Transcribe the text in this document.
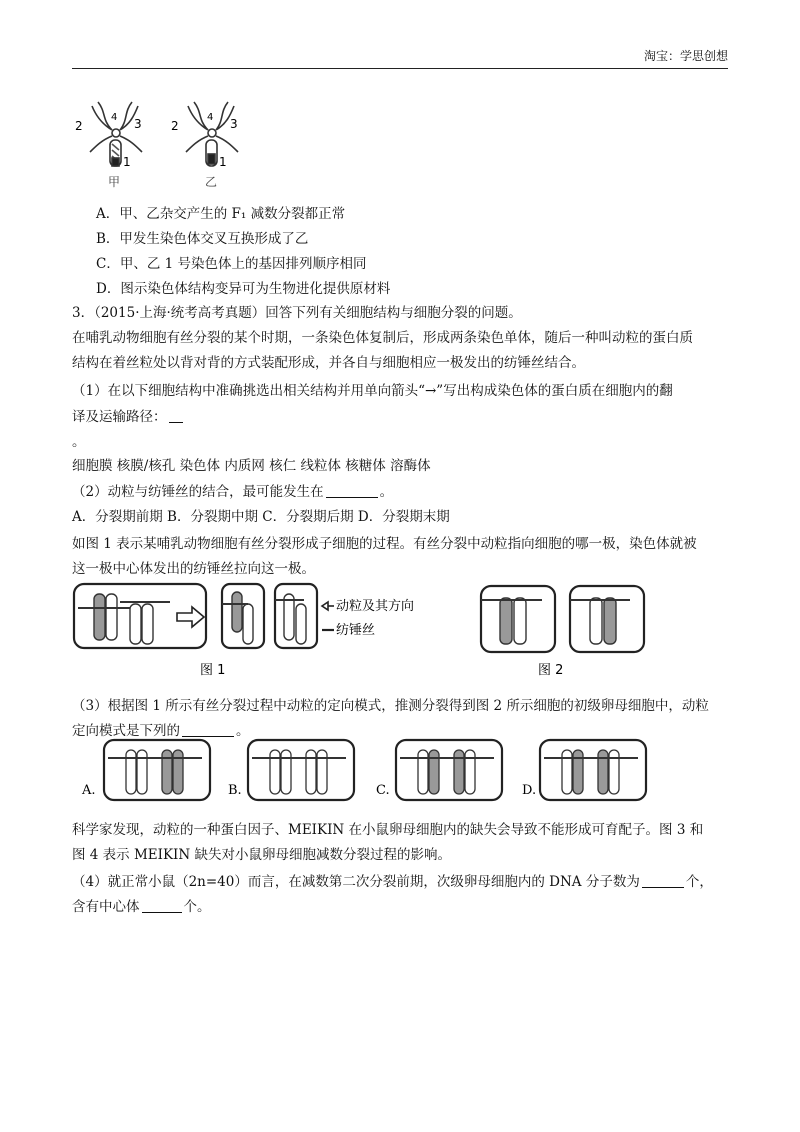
淘宝：学思创想
2
4 3
1
2
4 3
1
甲	乙
A．甲、乙杂交产生的 F₁ 减数分裂都正常
B．甲发生染色体交叉互换形成了乙
C．甲、乙 1 号染色体上的基因排列顺序相同
D．图示染色体结构变异可为生物进化提供原材料
3．（2015·上海·统考高考真题）回答下列有关细胞结构与细胞分裂的问题。
在哺乳动物细胞有丝分裂的某个时期，一条染色体复制后，形成两条染色单体，随后一种叫动粒的蛋白质
结构在着丝粒处以背对背的方式装配形成，并各自与细胞相应一极发出的纺锤丝结合。
（1）在以下细胞结构中准确挑选出相关结构并用单向箭头“→”写出构成染色体的蛋白质在细胞内的翻
译及运输路径：
。
细胞膜 核膜/核孔 染色体 内质网 核仁 线粒体 核糖体 溶酶体
（2）动粒与纺锤丝的结合，最可能发生在	。
A．分裂期前期 B．分裂期中期 C．分裂期后期 D．分裂期末期
如图 1 表示某哺乳动物细胞有丝分裂形成子细胞的过程。有丝分裂中动粒指向细胞的哪一极，染色体就被
这一极中心体发出的纺锤丝拉向这一极。
动粒及其方向
纺锤丝
图 1	图 2
（3）根据图 1 所示有丝分裂过程中动粒的定向模式，推测分裂得到图 2 所示细胞的初级卵母细胞中，动粒
定向模式是下列的	。
A.	B.	C.	D.
科学家发现，动粒的一种蛋白因子、MEIKIN 在小鼠卵母细胞内的缺失会导致不能形成可育配子。图 3 和
图 4 表示 MEIKIN 缺失对小鼠卵母细胞减数分裂过程的影响。
（4）就正常小鼠（2n=40）而言，在减数第二次分裂前期，次级卵母细胞内的 DNA 分子数为	个，
含有中心体	个。
